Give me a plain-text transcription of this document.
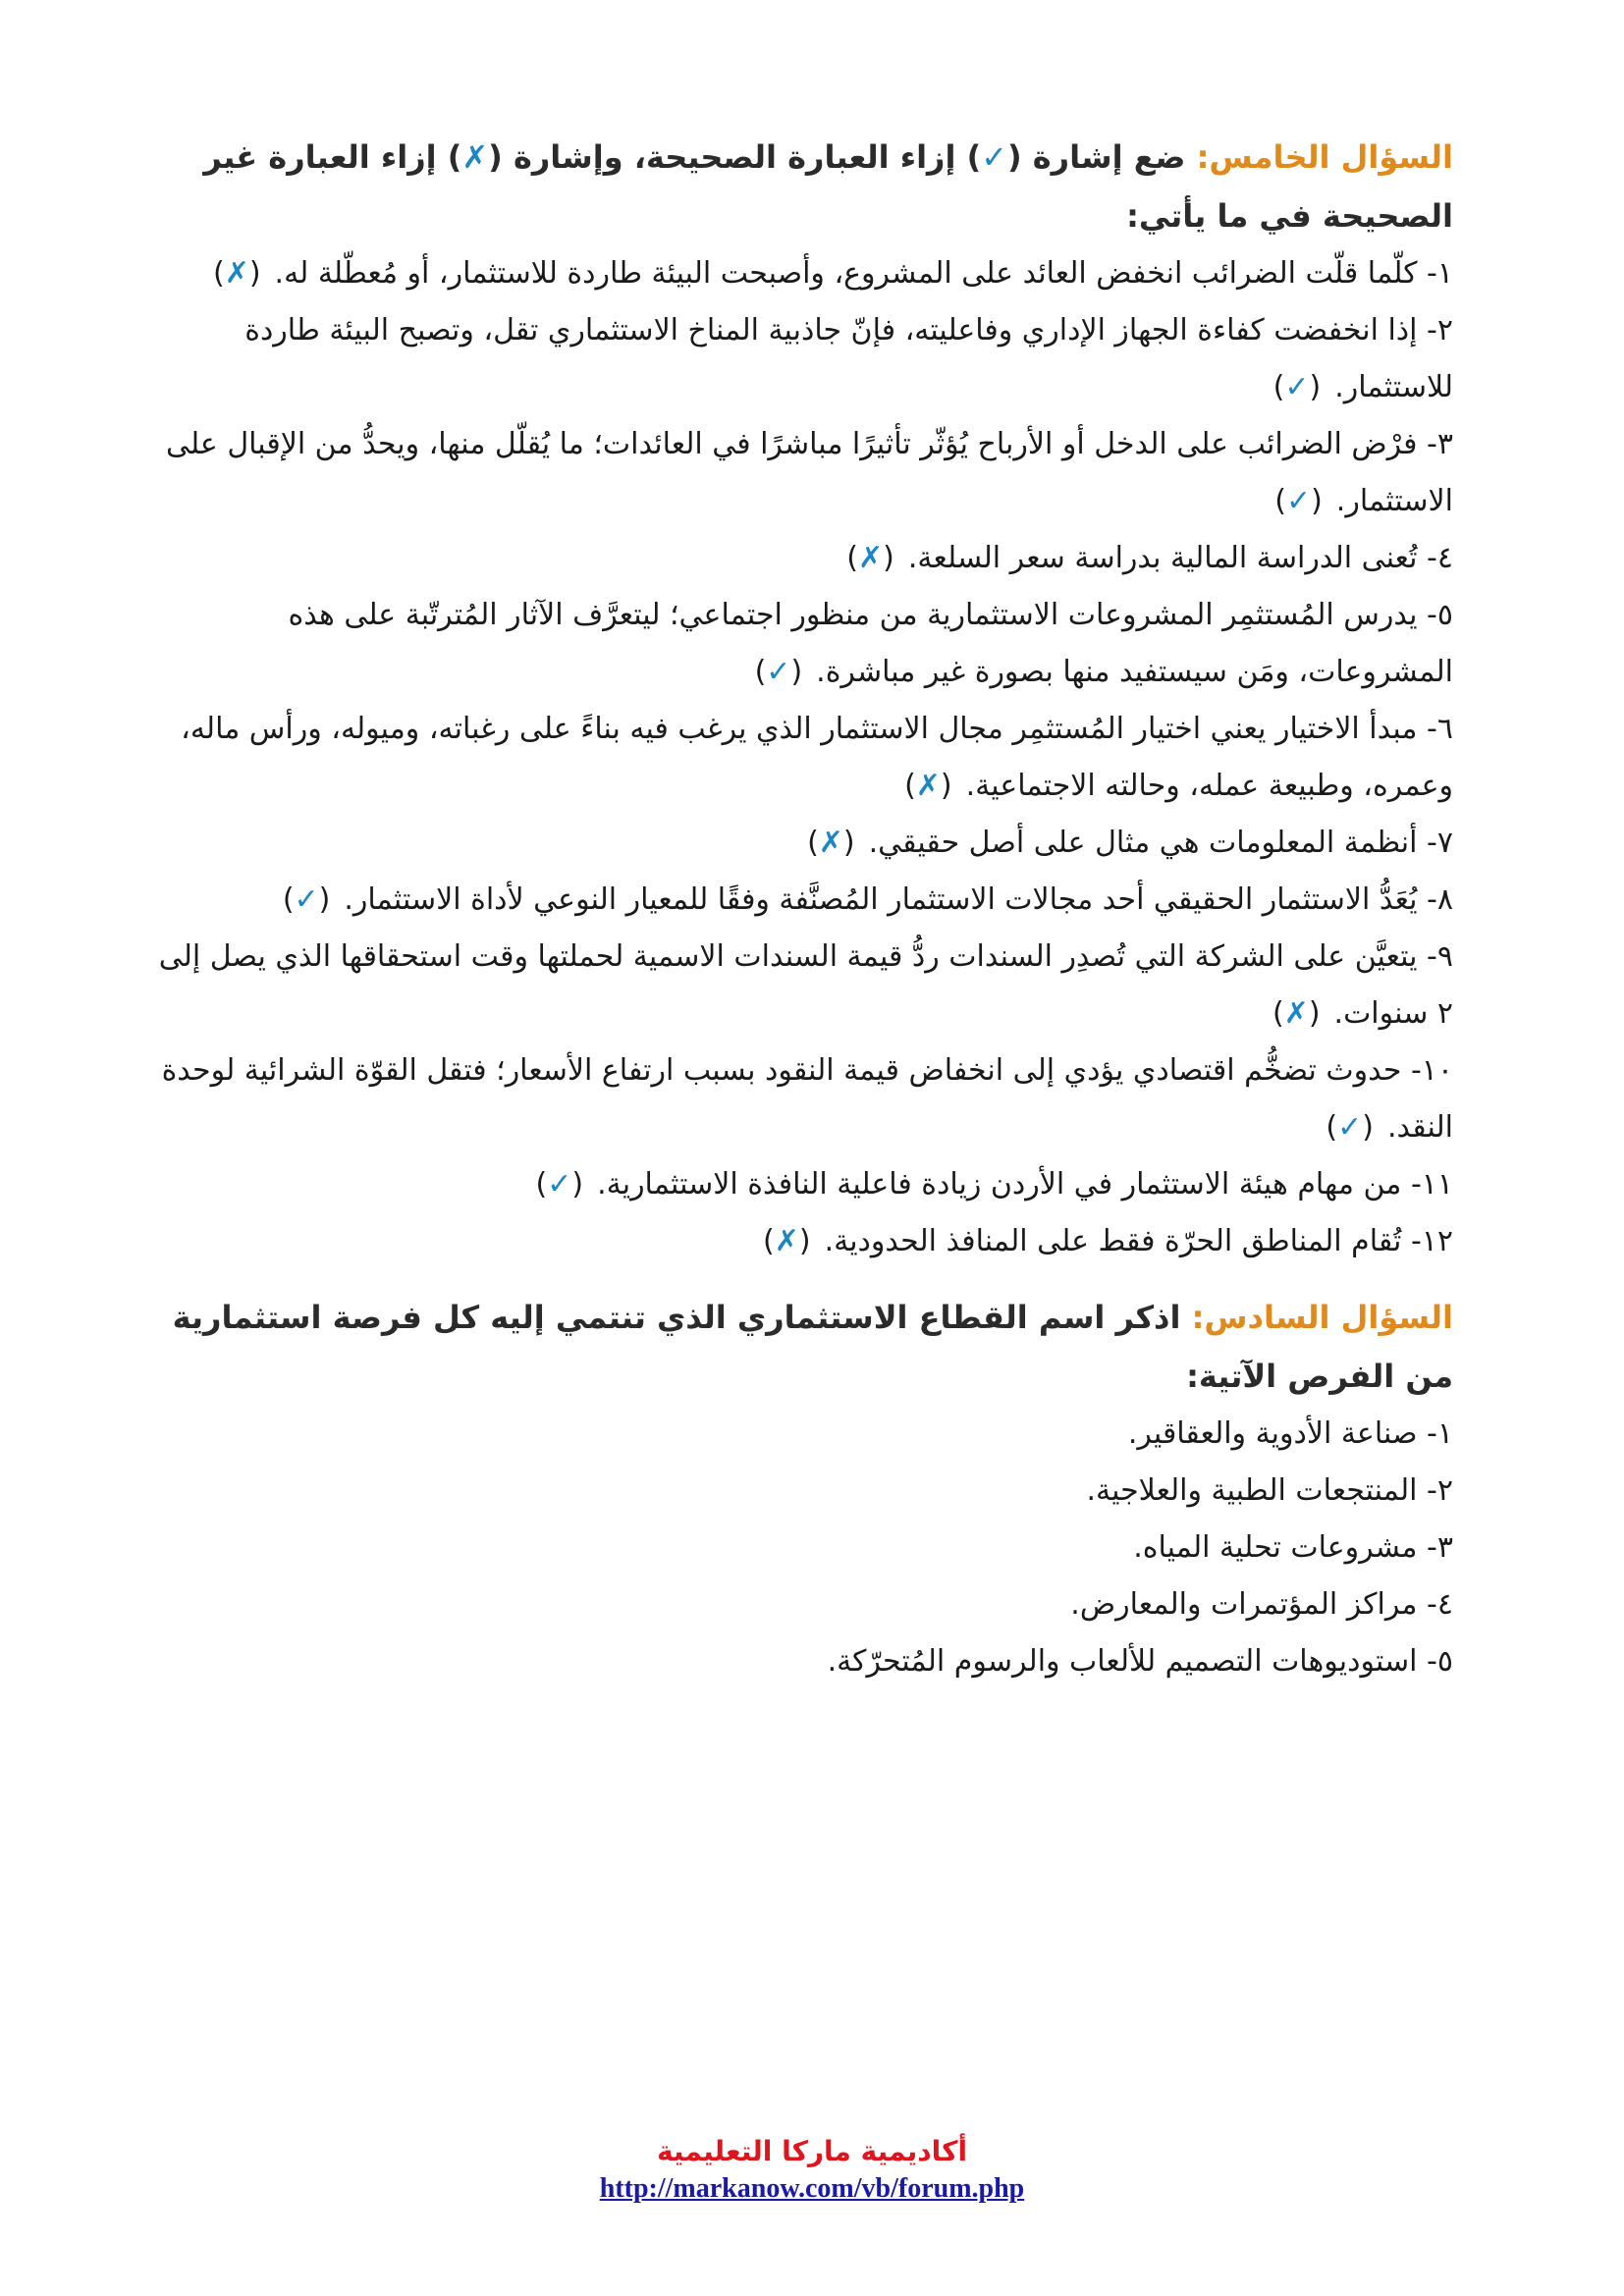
السؤال الخامس: ضع إشارة (✓) إزاء العبارة الصحيحة، وإشارة (✗) إزاء العبارة غير الصحيحة في ما يأتي:

١- كلّما قلّت الضرائب انخفض العائد على المشروع، وأصبحت البيئة طاردة للاستثمار، أو مُعطّلة له.(✗)
٢- إذا انخفضت كفاءة الجهاز الإداري وفاعليته، فإنّ جاذبية المناخ الاستثماري تقل، وتصبح البيئة طاردة للاستثمار.(✓)
٣- فرْض الضرائب على الدخل أو الأرباح يُؤثّر تأثيرًا مباشرًا في العائدات؛ ما يُقلّل منها، ويحدُّ من الإقبال على الاستثمار.(✓)
٤- تُعنى الدراسة المالية بدراسة سعر السلعة.(✗)
٥- يدرس المُستثمِر المشروعات الاستثمارية من منظور اجتماعي؛ ليتعرَّف الآثار المُترتّبة على هذه المشروعات، ومَن سيستفيد منها بصورة غير مباشرة.(✓)
٦- مبدأ الاختيار يعني اختيار المُستثمِر مجال الاستثمار الذي يرغب فيه بناءً على رغباته، وميوله، ورأس ماله، وعمره، وطبيعة عمله، وحالته الاجتماعية.(✗)
٧- أنظمة المعلومات هي مثال على أصل حقيقي.(✗)
٨- يُعَدُّ الاستثمار الحقيقي أحد مجالات الاستثمار المُصنَّفة وفقًا للمعيار النوعي لأداة الاستثمار.(✓)
٩- يتعيَّن على الشركة التي تُصدِر السندات ردُّ قيمة السندات الاسمية لحملتها وقت استحقاقها الذي يصل إلى ٢ سنوات.(✗)
١٠- حدوث تضخُّم اقتصادي يؤدي إلى انخفاض قيمة النقود بسبب ارتفاع الأسعار؛ فتقل القوّة الشرائية لوحدة النقد.(✓)
١١- من مهام هيئة الاستثمار في الأردن زيادة فاعلية النافذة الاستثمارية.(✓)
١٢- تُقام المناطق الحرّة فقط على المنافذ الحدودية.(✗)

السؤال السادس: اذكر اسم القطاع الاستثماري الذي تنتمي إليه كل فرصة استثمارية من الفرص الآتية:

١- صناعة الأدوية والعقاقير.
٢- المنتجعات الطبية والعلاجية.
٣- مشروعات تحلية المياه.
٤- مراكز المؤتمرات والمعارض.
٥- استوديوهات التصميم للألعاب والرسوم المُتحرّكة.
أكاديمية ماركا التعليمية
http://markanow.com/vb/forum.php
